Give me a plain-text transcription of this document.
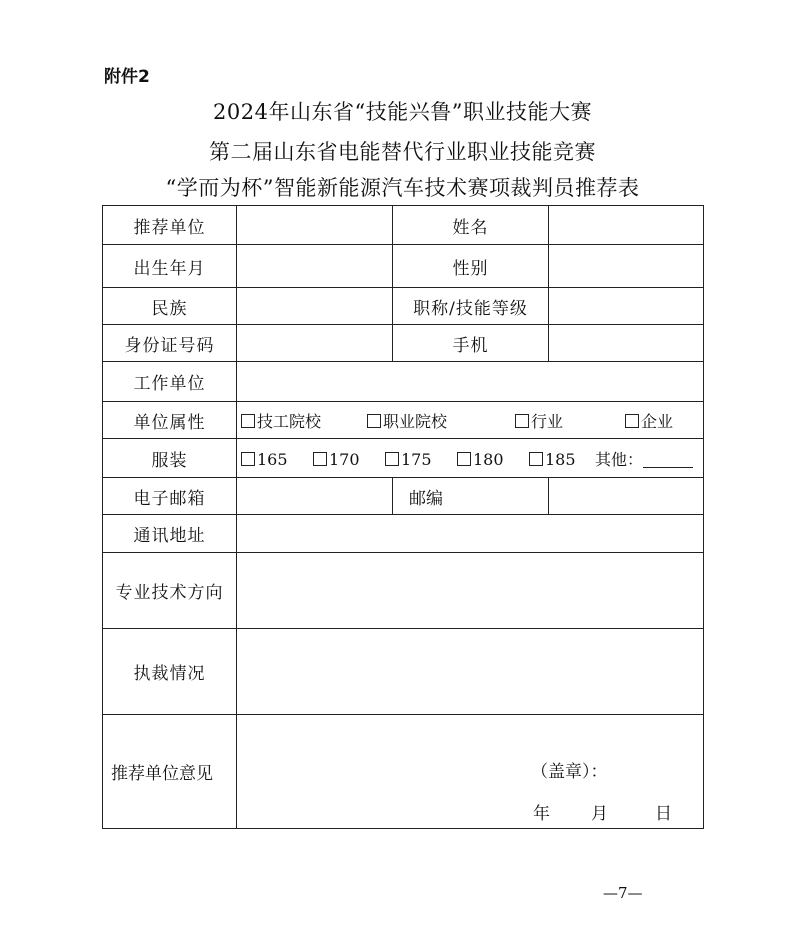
附件2
2024年山东省“技能兴鲁”职业技能大赛
第二届山东省电能替代行业职业技能竞赛
“学而为杯”智能新能源汽车技术赛项裁判员推荐表
推荐单位		姓名	
出生年月		性别	
民族		职称/技能等级	
身份证号码		手机	
工作单位			
单位属性	技工院校 职业院校 行业 企业		
服装	165 170 175 180 185 其他：		
电子邮箱		邮编	
通讯地址			
专业技术方向			
执裁情况			
推荐单位意见	（盖章）：
年 月 日		
—7—
